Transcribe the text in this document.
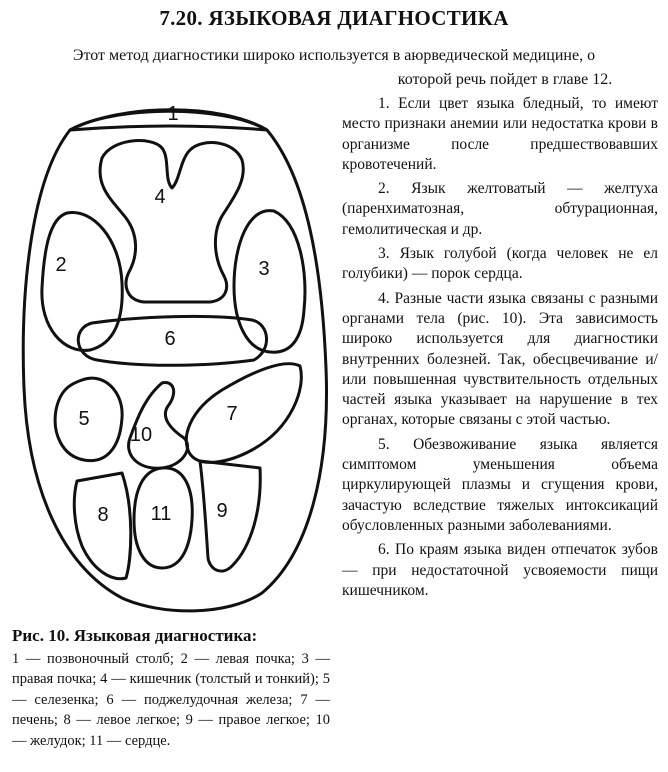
7.20. ЯЗЫКОВАЯ ДИАГНОСТИКА
Этот метод диагностики широко используется в аюрведической медицине, о
которой речь пойдет в главе 12.
1
2	3
4
5
6
7
8	9
10
11

1. Если цвет языка бледный, то имеют место признаки анемии или недостатка крови в организме после предшествовавших кровотечений.

2. Язык желтоватый — желтуха (паренхиматозная, обтурационная, гемолитическая и др.

3. Язык голубой (когда человек не ел голубики) — порок сердца.

4. Разные части языка связаны с разными органами тела (рис. 10). Эта зависимость широко используется для диагностики внутренних болезней. Так, обесцвечивание и/или повышенная чувствительность отдельных частей языка указывает на нарушение в тех органах, которые связаны с этой частью.

5. Обезвоживание языка является симптомом уменьшения объема циркулирующей плазмы и сгущения крови, зачастую вследствие тяжелых интоксикаций обусловленных разными заболеваниями.

6. По краям языка виден отпечаток зубов — при недостаточной усвояемости пищи кишечником.

Рис. 10. Языковая диагностика:
1 — позвоночный столб; 2 — левая почка; 3 — правая почка; 4 — кишечник (толстый и тонкий); 5 — селезенка; 6 — поджелудочная железа; 7 — печень; 8 — левое легкое; 9 — правое легкое; 10 — желудок; 11 — сердце.
